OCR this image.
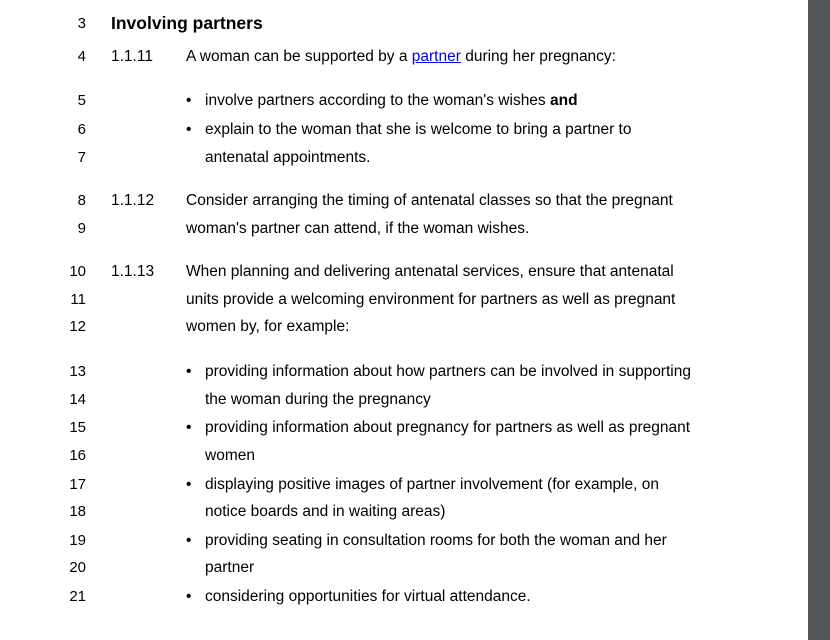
3
4
5
6
7
8
9
10
11
12
13
14
15
16
17
18
19
20
21
Involving partners
1.1.11 A woman can be supported by a partner during her pregnancy:
• involve partners according to the woman's wishes and
• explain to the woman that she is welcome to bring a partner to
antenatal appointments.
1.1.12 Consider arranging the timing of antenatal classes so that the pregnant
woman's partner can attend, if the woman wishes.
1.1.13 When planning and delivering antenatal services, ensure that antenatal
units provide a welcoming environment for partners as well as pregnant
women by, for example:
• providing information about how partners can be involved in supporting
the woman during the pregnancy
• providing information about pregnancy for partners as well as pregnant
women
• displaying positive images of partner involvement (for example, on
notice boards and in waiting areas)
• providing seating in consultation rooms for both the woman and her
partner
• considering opportunities for virtual attendance.
